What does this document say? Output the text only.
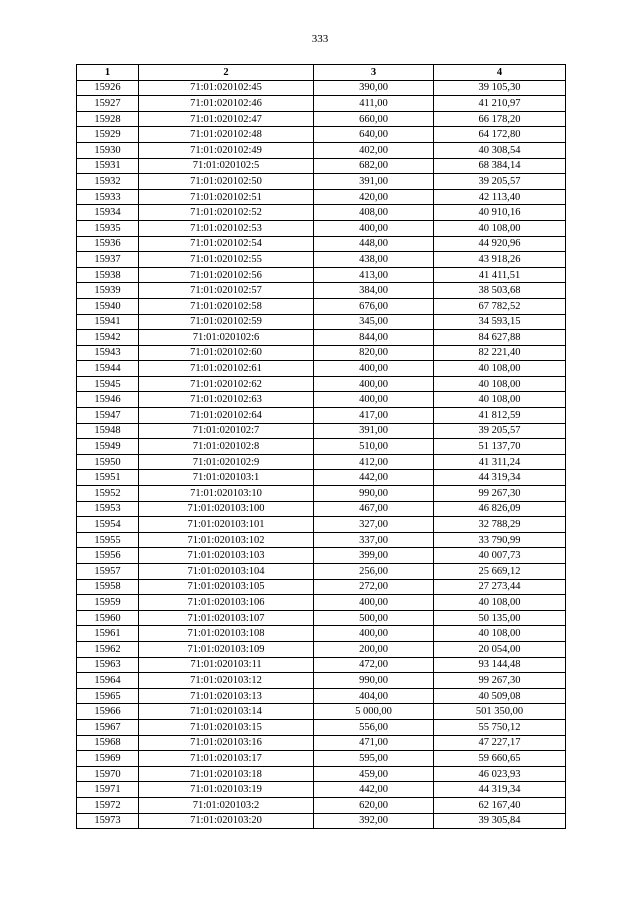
333
1	2	3	4
15926	71:01:020102:45	390,00	39 105,30
15927	71:01:020102:46	411,00	41 210,97
15928	71:01:020102:47	660,00	66 178,20
15929	71:01:020102:48	640,00	64 172,80
15930	71:01:020102:49	402,00	40 308,54
15931	71:01:020102:5	682,00	68 384,14
15932	71:01:020102:50	391,00	39 205,57
15933	71:01:020102:51	420,00	42 113,40
15934	71:01:020102:52	408,00	40 910,16
15935	71:01:020102:53	400,00	40 108,00
15936	71:01:020102:54	448,00	44 920,96
15937	71:01:020102:55	438,00	43 918,26
15938	71:01:020102:56	413,00	41 411,51
15939	71:01:020102:57	384,00	38 503,68
15940	71:01:020102:58	676,00	67 782,52
15941	71:01:020102:59	345,00	34 593,15
15942	71:01:020102:6	844,00	84 627,88
15943	71:01:020102:60	820,00	82 221,40
15944	71:01:020102:61	400,00	40 108,00
15945	71:01:020102:62	400,00	40 108,00
15946	71:01:020102:63	400,00	40 108,00
15947	71:01:020102:64	417,00	41 812,59
15948	71:01:020102:7	391,00	39 205,57
15949	71:01:020102:8	510,00	51 137,70
15950	71:01:020102:9	412,00	41 311,24
15951	71:01:020103:1	442,00	44 319,34
15952	71:01:020103:10	990,00	99 267,30
15953	71:01:020103:100	467,00	46 826,09
15954	71:01:020103:101	327,00	32 788,29
15955	71:01:020103:102	337,00	33 790,99
15956	71:01:020103:103	399,00	40 007,73
15957	71:01:020103:104	256,00	25 669,12
15958	71:01:020103:105	272,00	27 273,44
15959	71:01:020103:106	400,00	40 108,00
15960	71:01:020103:107	500,00	50 135,00
15961	71:01:020103:108	400,00	40 108,00
15962	71:01:020103:109	200,00	20 054,00
15963	71:01:020103:11	472,00	93 144,48
15964	71:01:020103:12	990,00	99 267,30
15965	71:01:020103:13	404,00	40 509,08
15966	71:01:020103:14	5 000,00	501 350,00
15967	71:01:020103:15	556,00	55 750,12
15968	71:01:020103:16	471,00	47 227,17
15969	71:01:020103:17	595,00	59 660,65
15970	71:01:020103:18	459,00	46 023,93
15971	71:01:020103:19	442,00	44 319,34
15972	71:01:020103:2	620,00	62 167,40
15973	71:01:020103:20	392,00	39 305,84
